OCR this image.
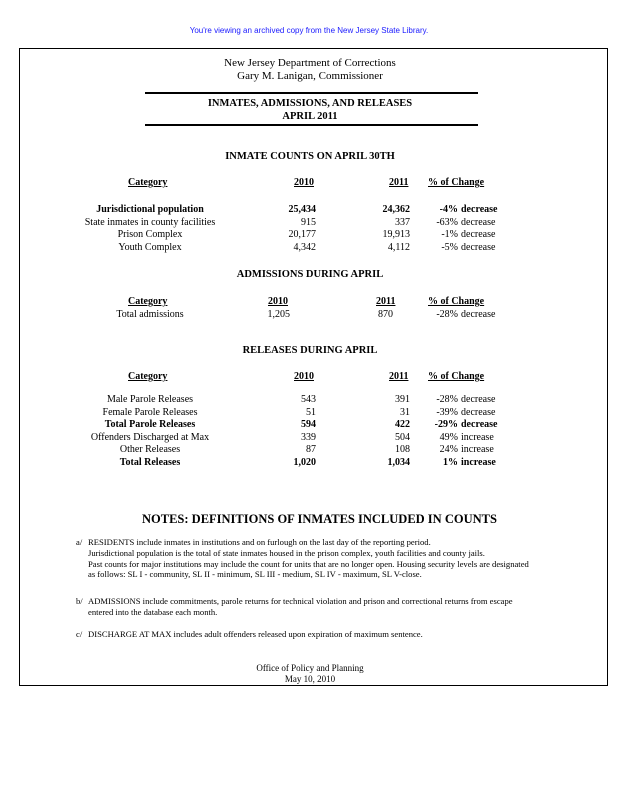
You're viewing an archived copy from the New Jersey State Library.
New Jersey Department of Corrections
Gary M. Lanigan, Commissioner
INMATES, ADMISSIONS, AND RELEASES
APRIL 2011
INMATE COUNTS ON APRIL 30TH
Category	2010	2011 % of Change
Jurisdictional population	25,434	24,362	-4% decrease
State inmates in county facilities	915	337	-63% decrease
Prison Complex	20,177	19,913	-1% decrease
Youth Complex	4,342	4,112	-5% decrease
ADMISSIONS DURING APRIL
Category	2010	2011	% of Change
Total admissions	1,205	870	-28% decrease
RELEASES DURING APRIL
Category	2010	2011 % of Change
Male Parole Releases	543	391	-28% decrease
Female Parole Releases	51	31	-39% decrease
Total Parole Releases	594	422 -29% decrease
Offenders Discharged at Max	339	504	49% increase
Other Releases	87	108	24% increase
Total Releases	1,020	1,034	1% increase
NOTES: DEFINITIONS OF INMATES INCLUDED IN COUNTS
a/ RESIDENTS include inmates in institutions and on furlough on the last day of the reporting period.
Jurisdictional population is the total of state inmates housed in the prison complex, youth facilities and county jails.
Past counts for major institutions may include the count for units that are no longer open. Housing security levels are designated
as follows: SL I - community, SL II - minimum, SL III - medium, SL IV - maximum, SL V-close.
b/ ADMISSIONS include commitments, parole returns for technical violation and prison and correctional returns from escape
entered into the database each month.
c/ DISCHARGE AT MAX includes adult offenders released upon expiration of maximum sentence.
Office of Policy and Planning
May 10, 2010
